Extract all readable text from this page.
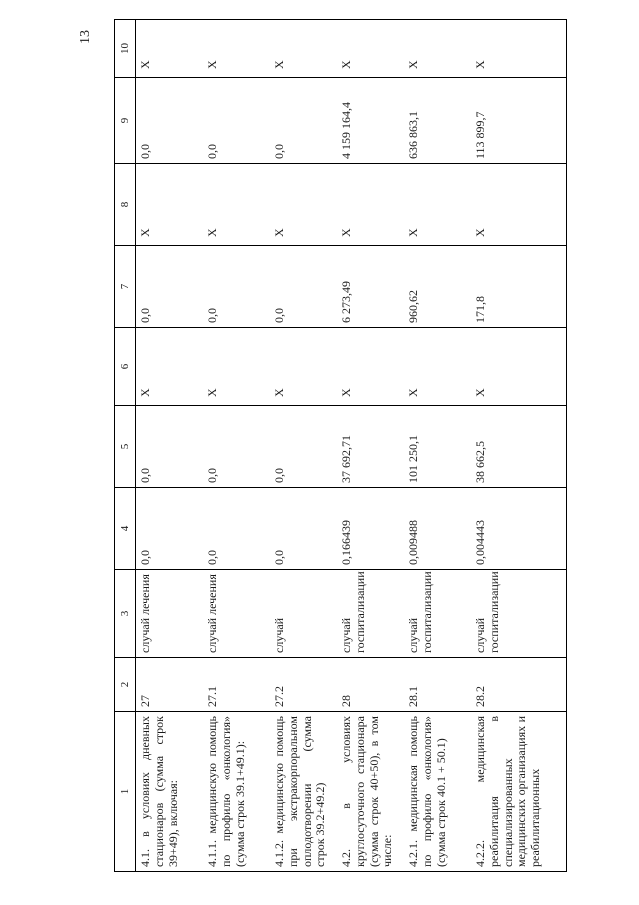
13
1	2	3	4	5	6	7	8	9	10
4.1. в условиях дневных стационаров (сумма строк 39+49), включая:	27	случай лечения	0,0	0,0	Х	0,0	Х	0,0	Х
4.1.1. медицинскую помощь по профилю «онкология» (сумма строк 39.1+49.1):	27.1	случай лечения	0,0	0,0	Х	0,0	Х	0,0	Х
4.1.2. медицинскую помощь при экстракорпоральном оплодотворении (сумма строк 39.2+49.2)	27.2	случай	0,0	0,0	Х	0,0	Х	0,0	Х
4.2. в условиях круглосуточного стационара (сумма строк 40+50), в том числе:	28	случай госпитализации	0,166439	37 692,71	Х	6 273,49	Х	4 159 164,4	Х
4.2.1. медицинская помощь по профилю «онкология» (сумма строк 40.1 + 50.1)	28.1	случай госпитализации	0,009488	101 250,1	Х	960,62	Х	636 863,1	Х
4.2.2. медицинская реабилитация в специализированных медицинских организациях и реабилитационных	28.2	случай госпитализации	0,004443	38 662,5	Х	171,8	Х	113 899,7	Х
